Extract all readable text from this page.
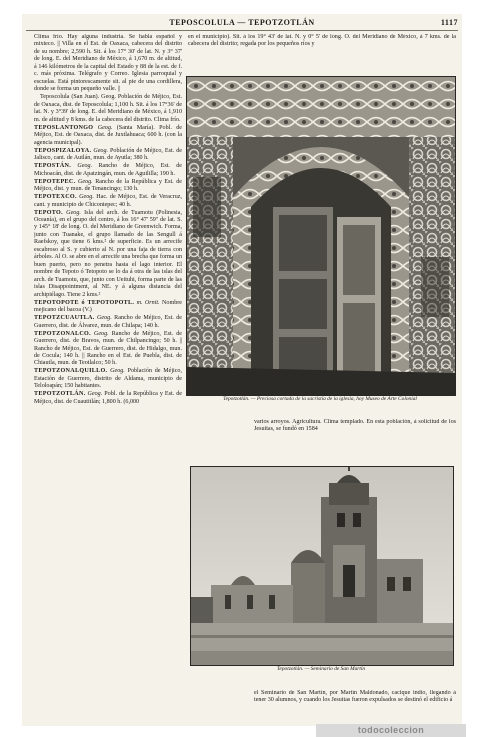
TEPOSCOLULA — TEPOTZOTLÁN	1117

Clima frío. Hay alguna industria. Se habla español y mixteco. || Villa en el Est. de Oaxaca, cabecera del distrito de su nombre; 2,590 h. Sit. á los 17° 30' de lat. N. y 3° 37' de long. E. del Meridiano de México, á 1,670 m. de altitud, á 146 kilómetros de la capital del Estado y 88 de la est. de f. c. más próxima. Telégrafo y Correo. Iglesia parroquial y escuelas. Está pintorescamente sit. al pie de una cordillera, donde se forma un pequeño valle. ||

Teposcolula (San Juan). Geog. Población de Méjico, Est. de Oaxaca, dist. de Teposcolula; 1,100 h. Sit. á los 17°36' de lat. N. y 3°39' de long. E. del Meridiano de México, á 1,910 m. de altitud y 8 kms. de la cabecera del distrito. Clima frío.

TEPOSLANTONGO Geog. (Santa María). Pobl. de Méjico, Est. de Oaxaca, dist. de Juxtlahuaca; 600 h. (con la agencia municipal).

TEPOSPIZALOYA. Geog. Población de Méjico, Est. de Jalisco, cant. de Autlán, mun. de Ayutla; 380 h.

TEPOSTÁN. Geog. Rancho de Méjico, Est. de Michoacán, dist. de Apatzingán, mun. de Aguililla; 190 h.

TEPOTEPEC. Geog. Rancho de la República y Est. de Méjico, dist. y mun. de Tenancingo; 130 h.

TEPOTEXCO. Geog. Hac. de Méjico, Est. de Veracruz, cant. y municipio de Chicontepec; 40 h.

TEPOTO. Geog. Isla del arch. de Tuamotu (Polinesia, Oceanía), en el grupo del centro, á los 16° 47' 59" de lat. S. y 145° 18' de long. O. del Meridiano de Greenwich. Forma, junto con Tuanake, el grupo llamado de las Sengull á Raefskoy, que tiene 6 kms.² de superficie. Es un arrecife escabroso al S. y cubierto al N. por una faja de tierra con árboles. Al O. se abre en el arrecife una brecha que forma un buen puerto, pero no penetra hasta el lago interior. El nombre de Tepoto ó Tetopoto se lo da á otra de las islas del arch. de Tuamotu, que, junto con Ueituhi, forma parte de las islas Disappointment, al NE. y á alguna distancia del archipiélago. Tiene 2 kms.²

TEPOTOPOTE ó TEPOTOPOTL. m. Ornit. Nombre mejicano del bacoa (V.)

TEPOTZCUAUTLA. Geog. Rancho de Méjico, Est. de Guerrero, dist. de Álvarez, mun. de Chilapa; 140 h.

TEPOTZONALCO. Geog. Rancho de Méjico, Est. de Guerrero, dist. de Bravos, mun. de Chilpancingo; 50 h. || Rancho de Méjico, Est. de Guerrero, dist. de Hidalgo, mun. de Cocula; 140 h. || Rancho en el Est. de Puebla, dist. de Chiautla, mun. de Teotlalco; 50 h.

TEPOTZONALQUILLO. Geog. Población de Méjico, Estación de Guerrero, distrito de Aldama, municipio de Teloloapán; 150 habitantes.

TEPOTZOTLÁN. Geog. Pobl. de la República y Est. de Méjico, dist. de Cuautitlán; 1,800 h. (6,000

en el municipio). Sit. á los 19° 43' de lat. N. y 0° 5' de long. O. del Meridiano de México, á 7 kms. de la cabecera del distrito; regada por los pequeños ríos y

Tepotzotlán. — Preciosa cortada de la sacristía de la iglesia, hoy Museo de Arte Colonial

varios arroyos. Agricultura. Clima templado. En esta población, á solicitud de los Jesuitas, se fundó en 1584

Tepotzotlán. — Seminario de San Martín

el Seminario de San Martín, por Martín Maldonado, cacique indio, llegando á tener 30 alumnos, y cuando los Jesuitas fueron expulsados se destinó el edificio á

todocoleccion
